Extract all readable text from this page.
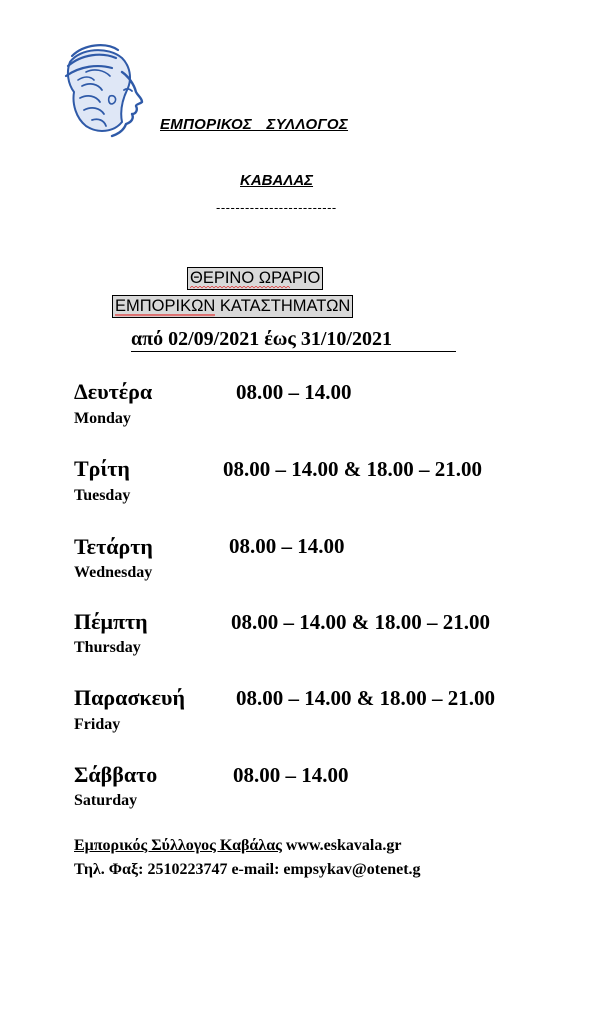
ΕΜΠΟΡΙΚΟΣ ΣΥΛΛΟΓΟΣ
ΚΑΒΑΛΑΣ
-------------------------
ΘΕΡΙΝΟ ΩΡΑΡΙΟ
ΕΜΠΟΡΙΚΩΝ ΚΑΤΑΣΤΗΜΑΤΩΝ
από 02/09/2021 έως 31/10/2021
Δευτέρα
Monday
08.00 – 14.00
Τρίτη
Tuesday
08.00 – 14.00 & 18.00 – 21.00
Τετάρτη
Wednesday
08.00 – 14.00
Πέμπτη
Thursday
08.00 – 14.00 & 18.00 – 21.00
Παρασκευή
Friday
08.00 – 14.00 & 18.00 – 21.00
Σάββατο
Saturday
08.00 – 14.00
Εμπορικός Σύλλογος Καβάλας www.eskavala.gr
Τηλ. Φαξ: 2510223747 e-mail: empsykav@otenet.g
